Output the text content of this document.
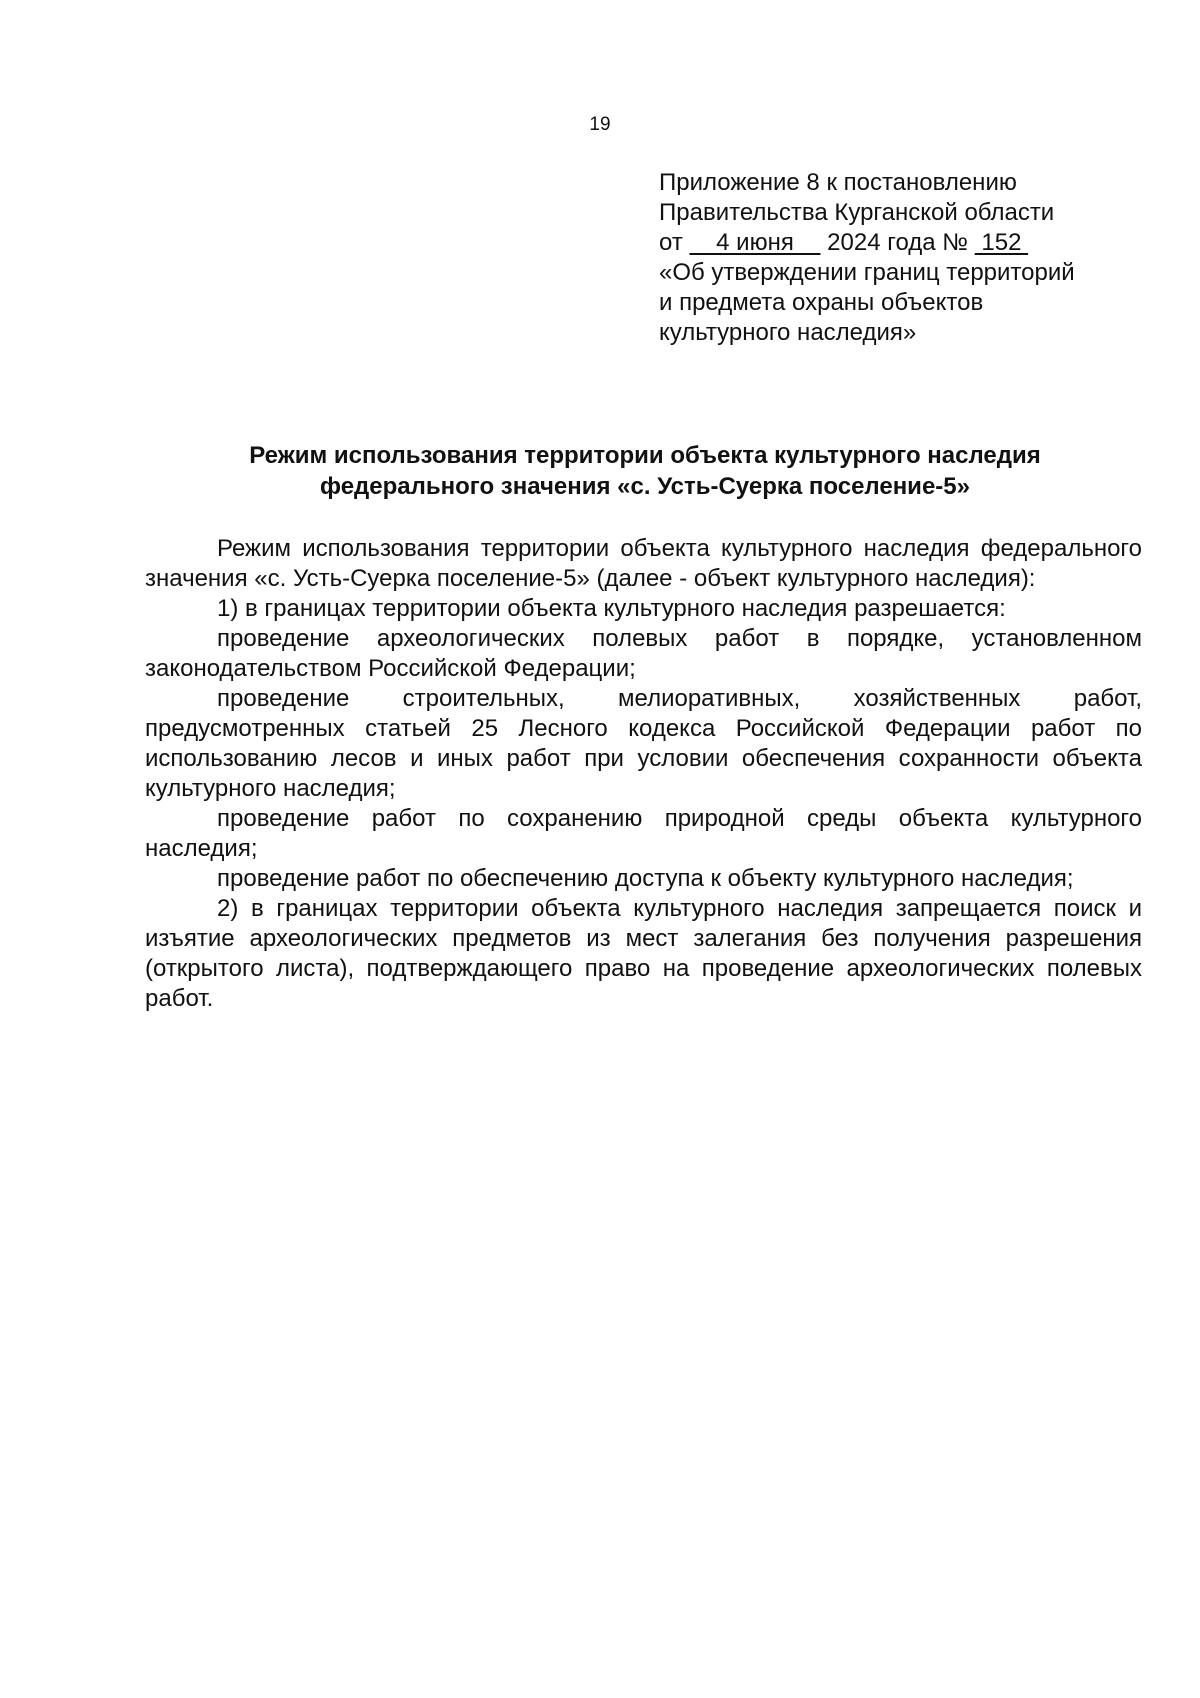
19
Приложение 8 к постановлению
Правительства Курганской области
от     4 июня     2024 года №  152
«Об утверждении границ территорий
и предмета охраны объектов
культурного наследия»
Режим использования территории объекта культурного наследия
федерального значения «с. Усть-Суерка поселение-5»

Режим использования территории объекта культурного наследия федерального значения «с. Усть-Суерка поселение-5» (далее - объект культурного наследия):

1) в границах территории объекта культурного наследия разрешается:

проведение археологических полевых работ в порядке, установленном законодательством Российской Федерации;

проведение строительных, мелиоративных, хозяйственных работ, предусмотренных статьей 25 Лесного кодекса Российской Федерации работ по использованию лесов и иных работ при условии обеспечения сохранности объекта культурного наследия;

проведение работ по сохранению природной среды объекта культурного наследия;

проведение работ по обеспечению доступа к объекту культурного наследия;

2) в границах территории объекта культурного наследия запрещается поиск и изъятие археологических предметов из мест залегания без получения разрешения (открытого листа), подтверждающего право на проведение археологических полевых работ.
